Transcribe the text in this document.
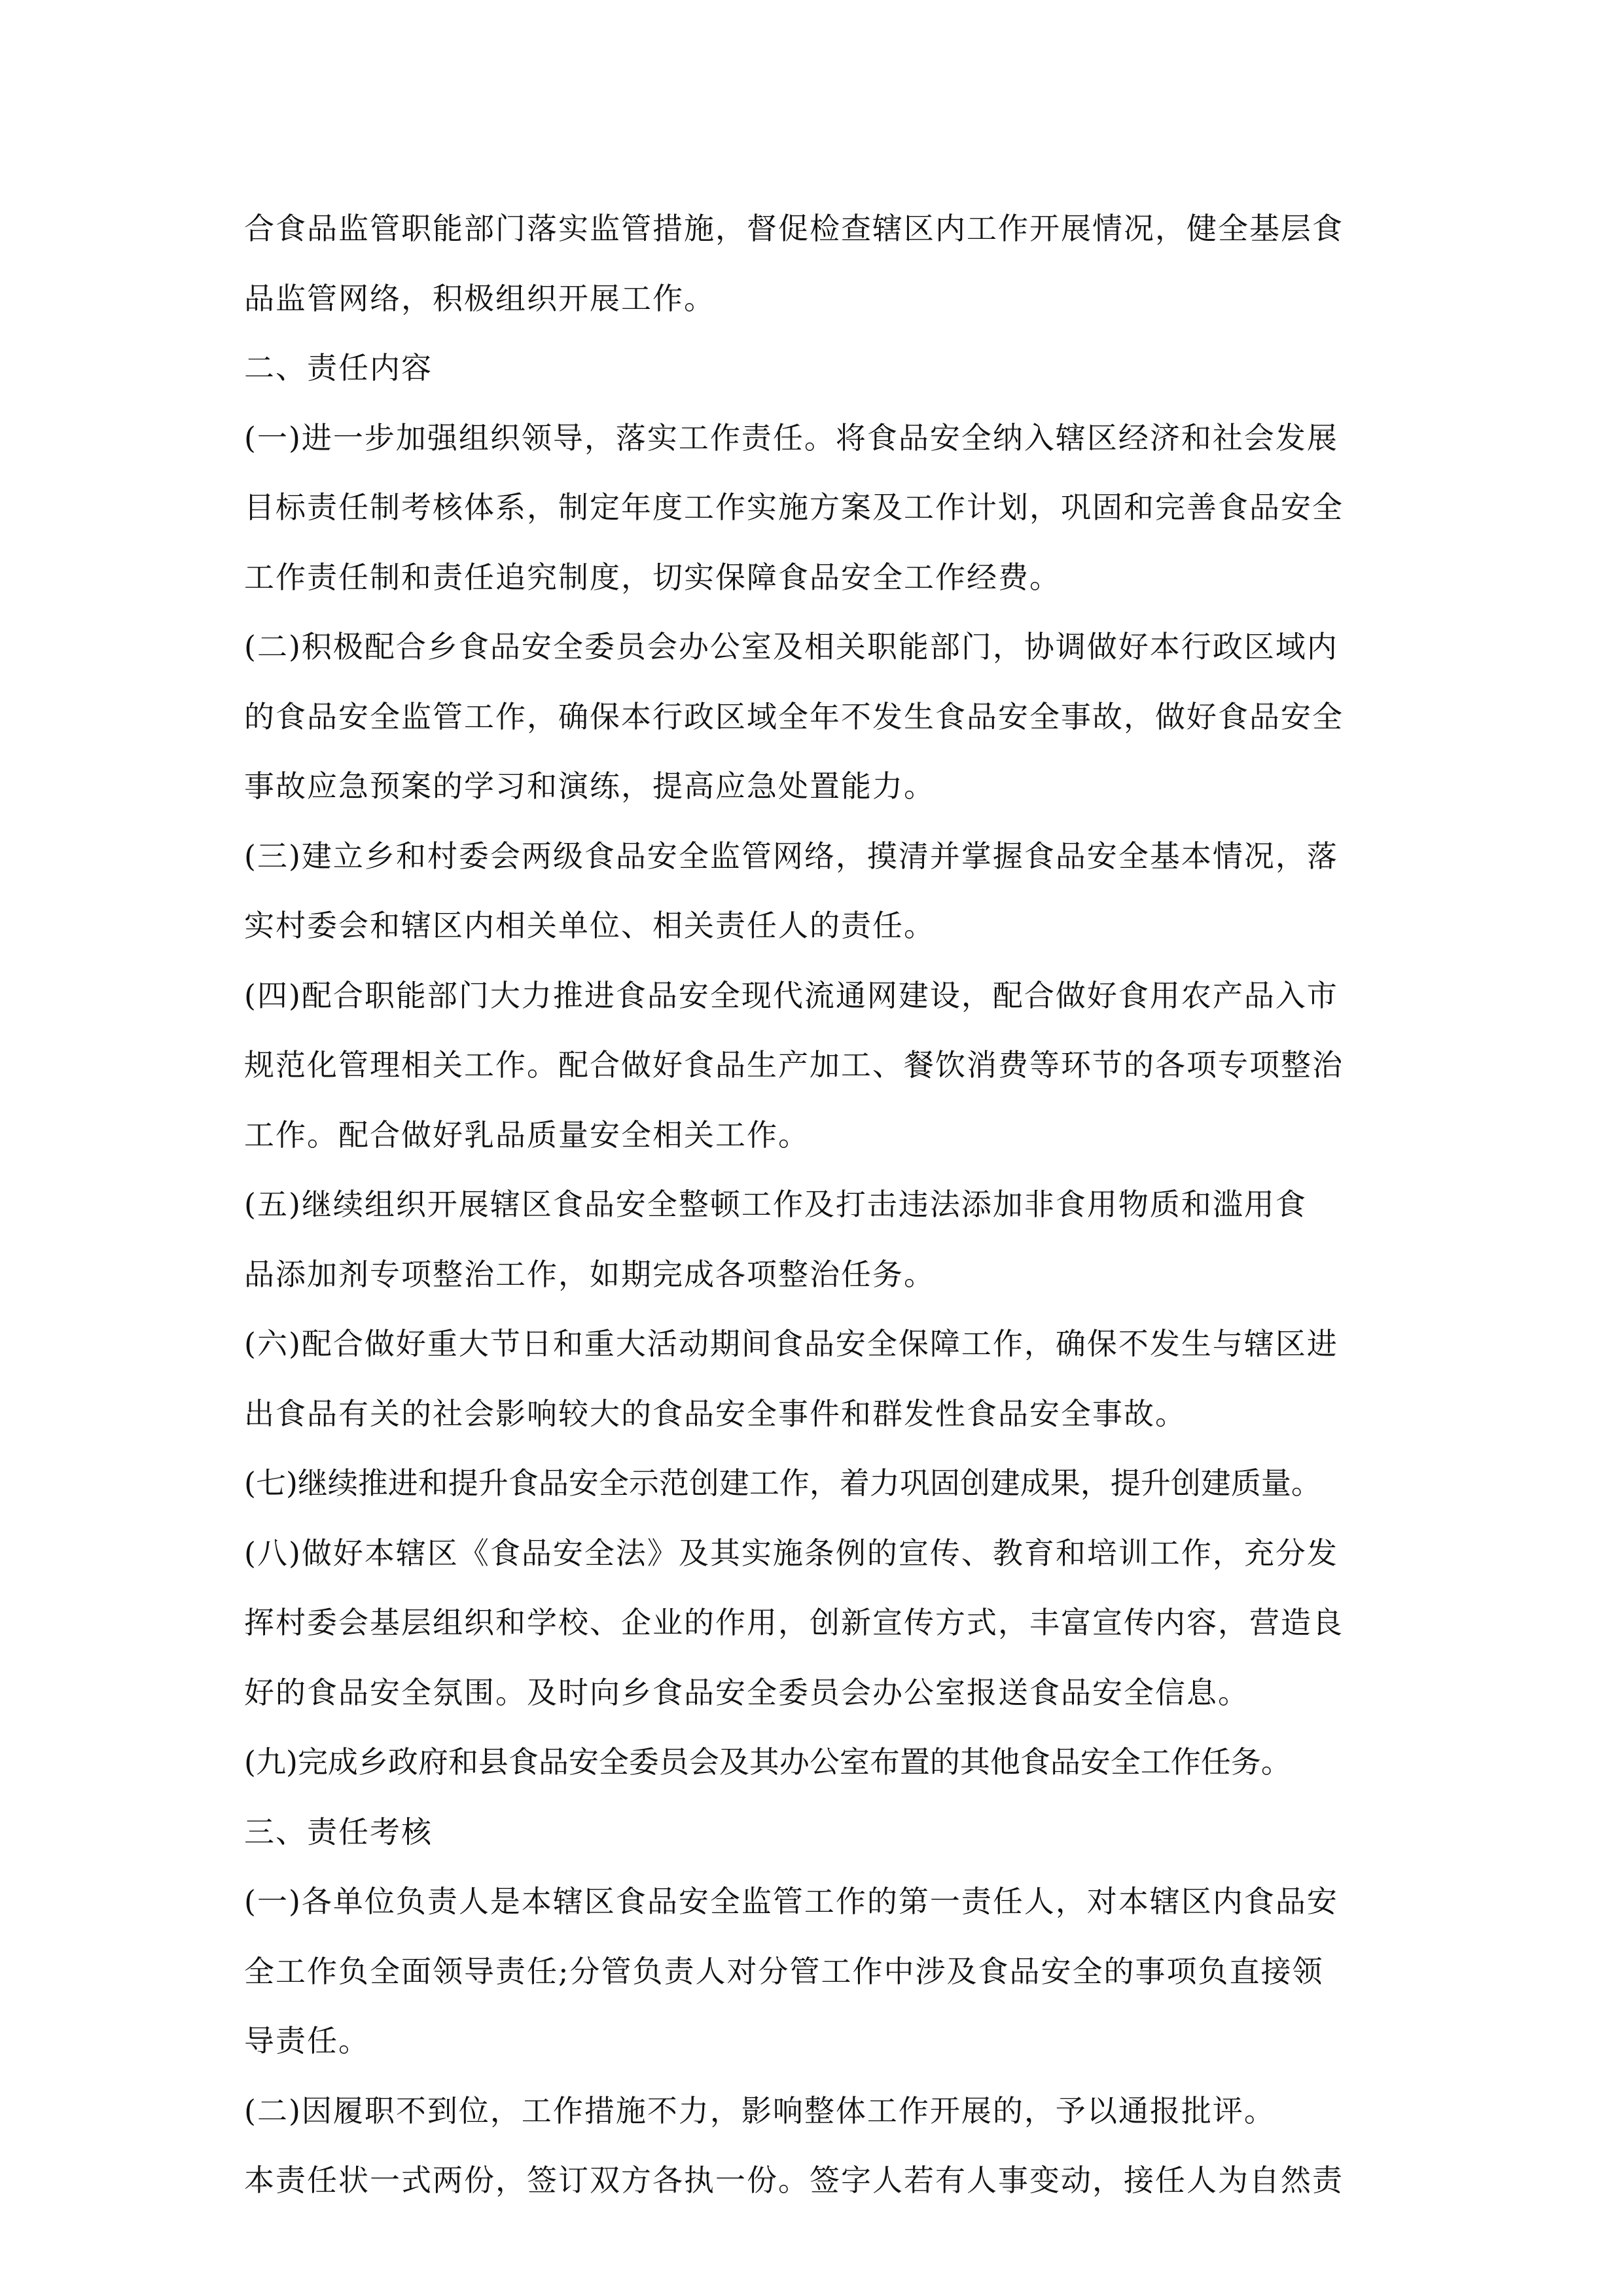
合食品监管职能部门落实监管措施，督促检查辖区内工作开展情况，健全基层食
品监管网络，积极组织开展工作。
二、责任内容
(一)进一步加强组织领导，落实工作责任。将食品安全纳入辖区经济和社会发展
目标责任制考核体系，制定年度工作实施方案及工作计划，巩固和完善食品安全
工作责任制和责任追究制度，切实保障食品安全工作经费。
(二)积极配合乡食品安全委员会办公室及相关职能部门，协调做好本行政区域内
的食品安全监管工作，确保本行政区域全年不发生食品安全事故，做好食品安全
事故应急预案的学习和演练，提高应急处置能力。
(三)建立乡和村委会两级食品安全监管网络，摸清并掌握食品安全基本情况，落
实村委会和辖区内相关单位、相关责任人的责任。
(四)配合职能部门大力推进食品安全现代流通网建设，配合做好食用农产品入市
规范化管理相关工作。配合做好食品生产加工、餐饮消费等环节的各项专项整治
工作。配合做好乳品质量安全相关工作。
(五)继续组织开展辖区食品安全整顿工作及打击违法添加非食用物质和滥用食
品添加剂专项整治工作，如期完成各项整治任务。
(六)配合做好重大节日和重大活动期间食品安全保障工作，确保不发生与辖区进
出食品有关的社会影响较大的食品安全事件和群发性食品安全事故。
(七)继续推进和提升食品安全示范创建工作，着力巩固创建成果，提升创建质量。
(八)做好本辖区《食品安全法》及其实施条例的宣传、教育和培训工作，充分发
挥村委会基层组织和学校、企业的作用，创新宣传方式，丰富宣传内容，营造良
好的食品安全氛围。及时向乡食品安全委员会办公室报送食品安全信息。
(九)完成乡政府和县食品安全委员会及其办公室布置的其他食品安全工作任务。
三、责任考核
(一)各单位负责人是本辖区食品安全监管工作的第一责任人，对本辖区内食品安
全工作负全面领导责任;分管负责人对分管工作中涉及食品安全的事项负直接领
导责任。
(二)因履职不到位，工作措施不力，影响整体工作开展的，予以通报批评。
本责任状一式两份，签订双方各执一份。签字人若有人事变动，接任人为自然责
